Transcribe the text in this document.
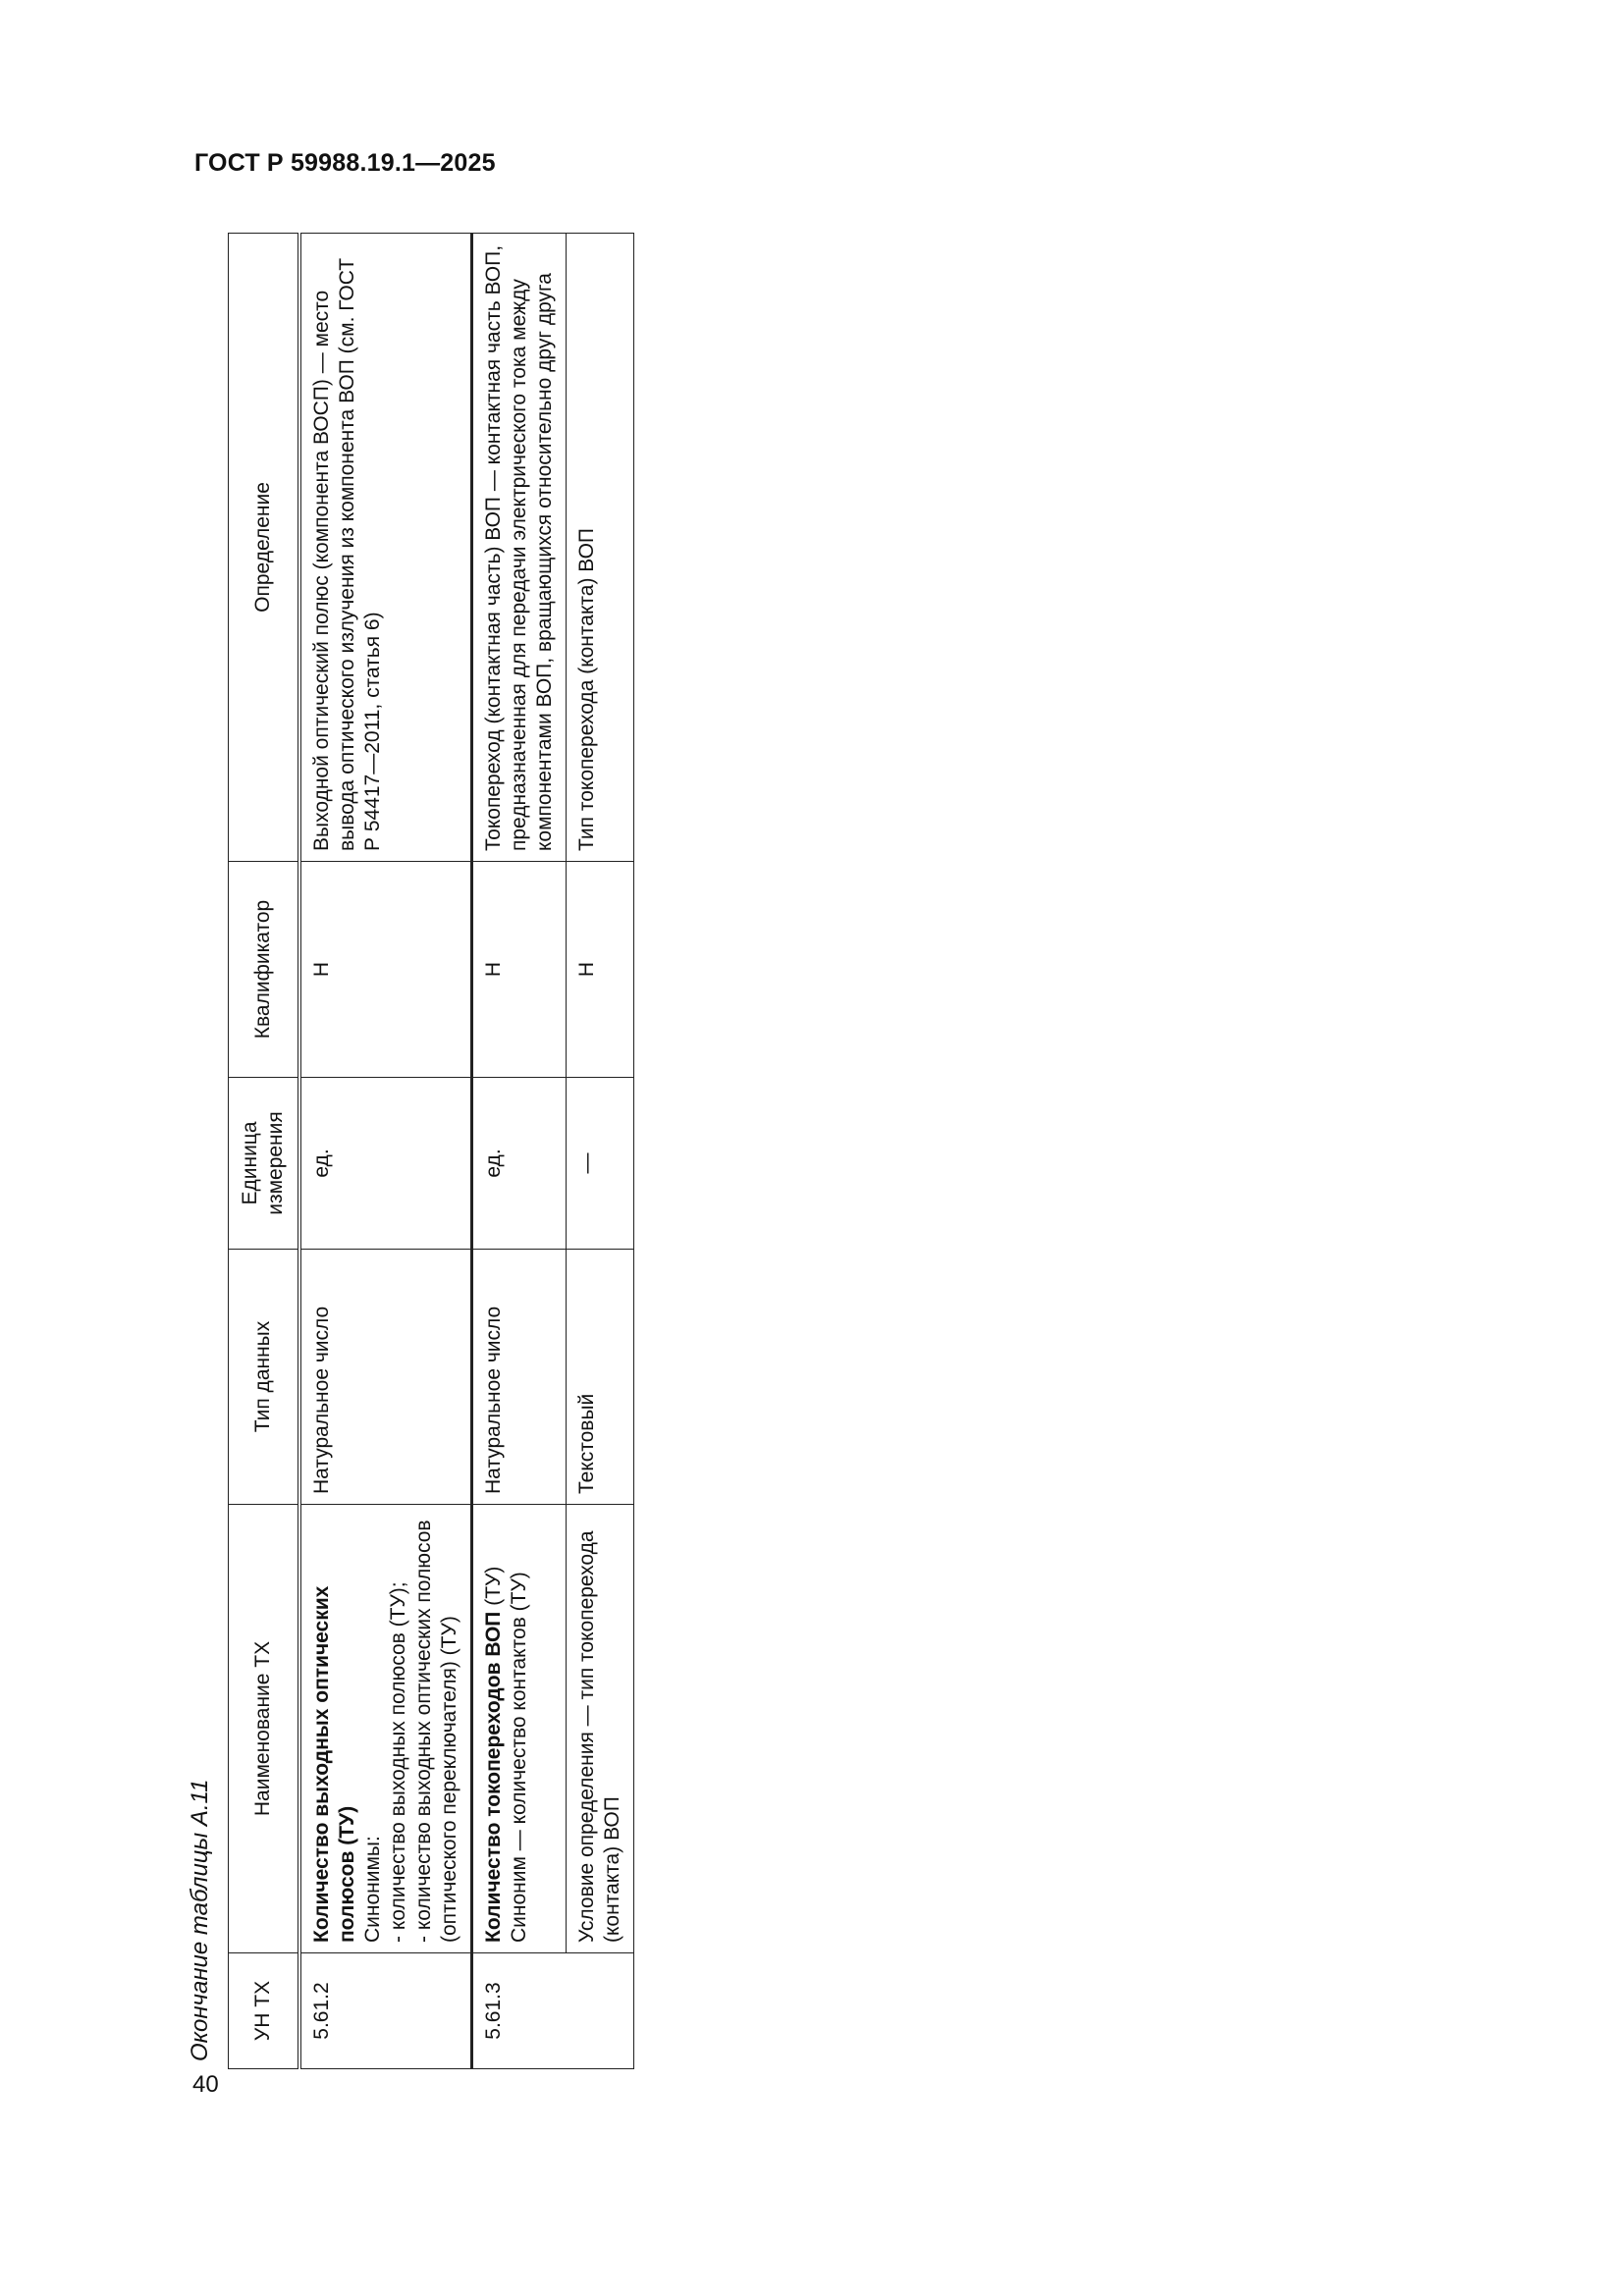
ГОСТ Р 59988.19.1—2025
40
Окончание таблицы А.11 УН ТХ	Наименование ТХ	Тип данных	Единица измерения	Квалификатор	Определение
5.61.2	Количество выходных оптических полюсов (ТУ) Синонимы: - количество выходных полюсов (ТУ); - количество выходных оптических полюсов (оптического переключателя) (ТУ)	Натуральное число	ед.	Н	Выходной оптический полюс (компонента ВОСП) — место вывода оптического излучения из компонента ВОП (см. ГОСТ Р 54417—2011, статья 6)
5.61.3	Количество токопереходов ВОП (ТУ) Синоним — количество контактов (ТУ)	Натуральное число	ед.	Н	Токопереход (контактная часть) ВОП — контактная часть ВОП, предназначенная для передачи электрического тока между компонентами ВОП, вращающихся относительно друг друга
	Условие определения — тип токоперехода (контакта) ВОП	Текстовый	—	Н	Тип токоперехода (контакта) ВОП
